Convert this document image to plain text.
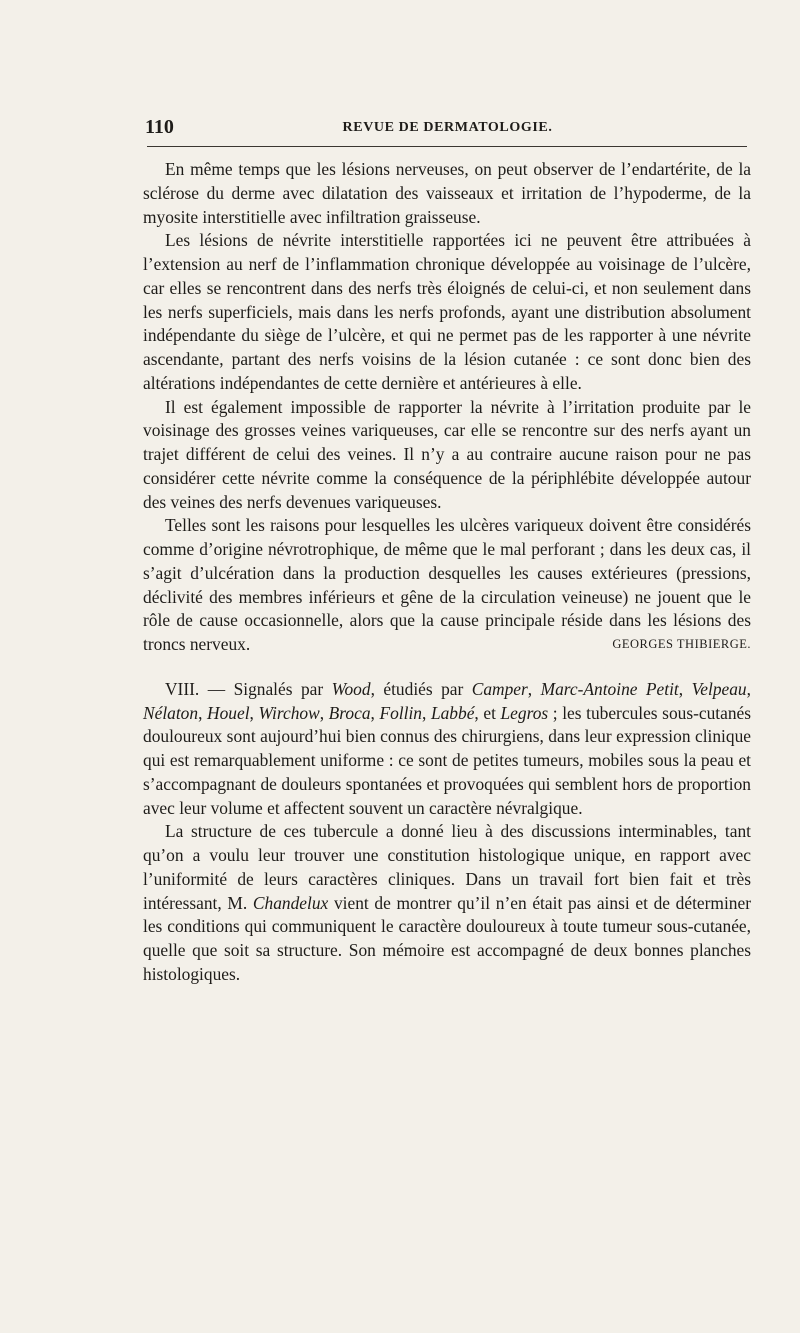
110	REVUE DE DERMATOLOGIE.

En même temps que les lésions nerveuses, on peut observer de l’endartérite, de la sclérose du derme avec dilatation des vaisseaux et irritation de l’hypoderme, de la myosite interstitielle avec infiltration graisseuse.

Les lésions de névrite interstitielle rapportées ici ne peuvent être attribuées à l’extension au nerf de l’inflammation chronique développée au voisinage de l’ulcère, car elles se rencontrent dans des nerfs très éloignés de celui-ci, et non seulement dans les nerfs superficiels, mais dans les nerfs profonds, ayant une distribution absolument indépendante du siège de l’ulcère, et qui ne permet pas de les rapporter à une névrite ascendante, partant des nerfs voisins de la lésion cutanée : ce sont donc bien des altérations indépendantes de cette dernière et antérieures à elle.

Il est également impossible de rapporter la névrite à l’irritation produite par le voisinage des grosses veines variqueuses, car elle se rencontre sur des nerfs ayant un trajet différent de celui des veines. Il n’y a au contraire aucune raison pour ne pas considérer cette névrite comme la conséquence de la périphlébite développée autour des veines des nerfs devenues variqueuses.

Telles sont les raisons pour lesquelles les ulcères variqueux doivent être considérés comme d’origine névrotrophique, de même que le mal perforant ; dans les deux cas, il s’agit d’ulcération dans la production desquelles les causes extérieures (pressions, déclivité des membres inférieurs et gêne de la circulation veineuse) ne jouent que le rôle de cause occasionnelle, alors que la cause principale réside dans les lésions des troncs nerveux.	GEORGES THIBIERGE.

VIII. — Signalés par Wood, étudiés par Camper, Marc-Antoine Petit, Velpeau, Nélaton, Houel, Wirchow, Broca, Follin, Labbé, et Legros ; les tubercules sous-cutanés douloureux sont aujourd’hui bien connus des chirurgiens, dans leur expression clinique qui est remarquablement uniforme : ce sont de petites tumeurs, mobiles sous la peau et s’accompagnant de douleurs spontanées et provoquées qui semblent hors de proportion avec leur volume et affectent souvent un caractère névralgique.

La structure de ces tubercule a donné lieu à des discussions interminables, tant qu’on a voulu leur trouver une constitution histologique unique, en rapport avec l’uniformité de leurs caractères cliniques. Dans un travail fort bien fait et très intéressant, M. Chandelux vient de montrer qu’il n’en était pas ainsi et de déterminer les conditions qui communiquent le caractère douloureux à toute tumeur sous-cutanée, quelle que soit sa structure. Son mémoire est accompagné de deux bonnes planches histologiques.
